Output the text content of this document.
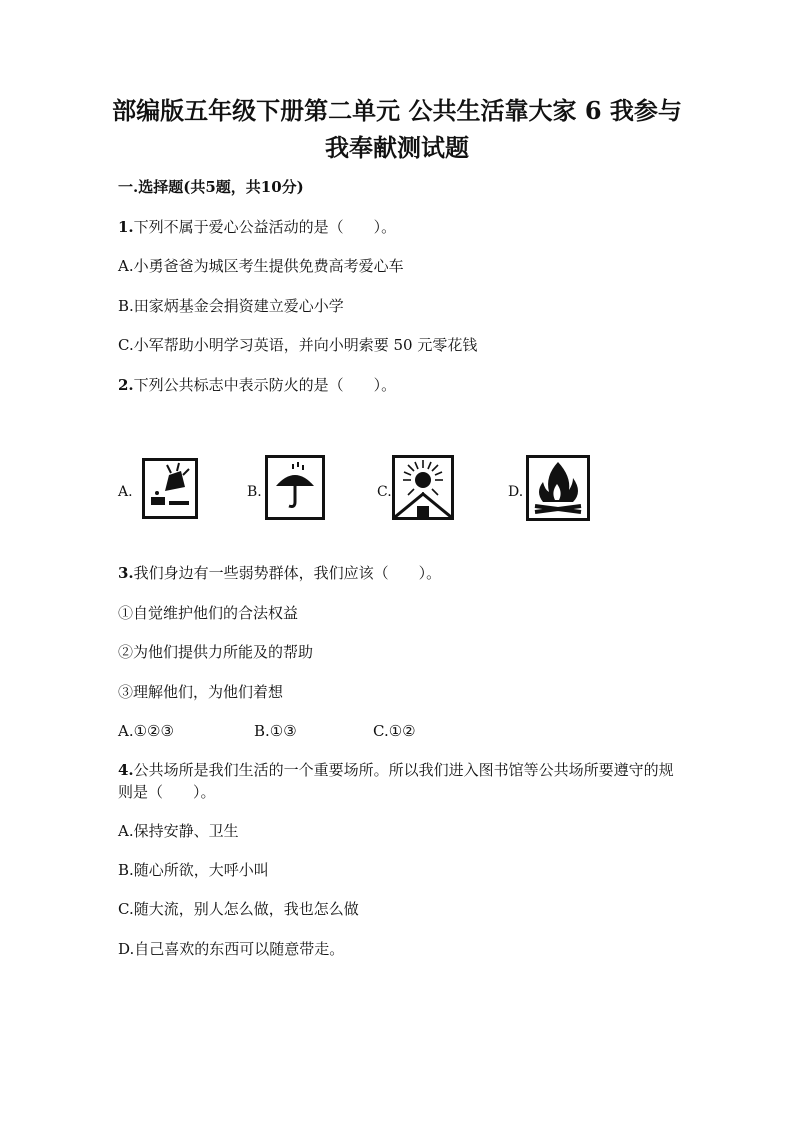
部编版五年级下册第二单元 公共生活靠大家 6 我参与 我奉献测试题
一.选择题(共5题，共10分)
1.下列不属于爱心公益活动的是（　　）。
A.小勇爸爸为城区考生提供免费高考爱心车
B.田家炳基金会捐资建立爱心小学
C.小军帮助小明学习英语，并向小明索要 50 元零花钱
2.下列公共标志中表示防火的是（　　）。
A.	B.	C.	D.
3.我们身边有一些弱势群体，我们应该（　　）。
①自觉维护他们的合法权益
②为他们提供力所能及的帮助
③理解他们，为他们着想
A.①②③	B.①③	C.①②
4.公共场所是我们生活的一个重要场所。所以我们进入图书馆等公共场所要遵守的规则是（　　）。
A.保持安静、卫生
B.随心所欲，大呼小叫
C.随大流，别人怎么做，我也怎么做
D.自己喜欢的东西可以随意带走。
